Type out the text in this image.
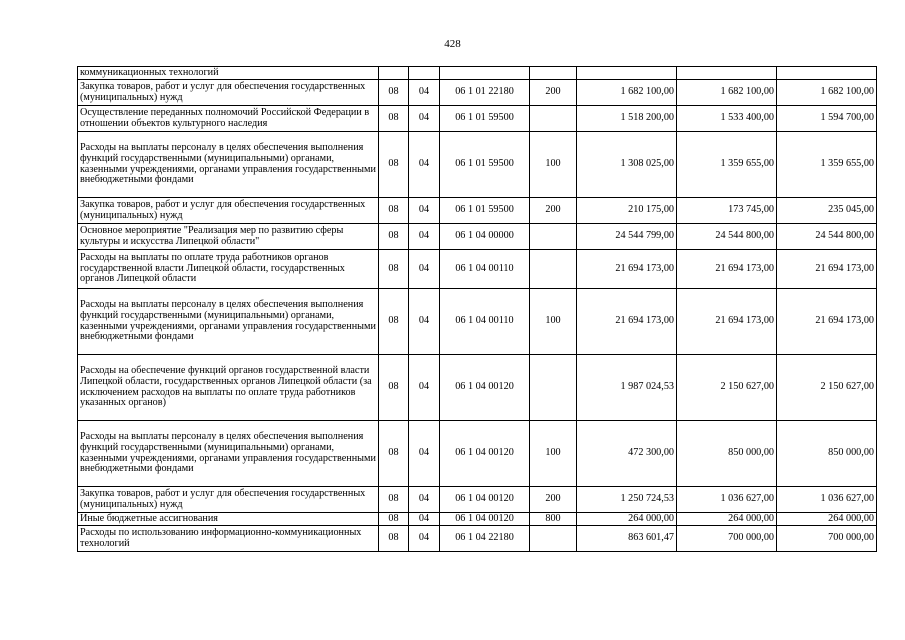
428
коммуникационных технологий							
Закупка товаров, работ и услуг для обеспечения государственных (муниципальных) нужд	08	04	06 1 01 22180	200	1 682 100,00	1 682 100,00	1 682 100,00
Осуществление переданных полномочий Российской Федерации в отношении объектов культурного наследия	08	04	06 1 01 59500		1 518 200,00	1 533 400,00	1 594 700,00
Расходы на выплаты персоналу в целях обеспечения выполнения функций государственными (муниципальными) органами, казенными учреждениями, органами управления государственными внебюджетными фондами	08	04	06 1 01 59500	100	1 308 025,00	1 359 655,00	1 359 655,00
Закупка товаров, работ и услуг для обеспечения государственных (муниципальных) нужд	08	04	06 1 01 59500	200	210 175,00	173 745,00	235 045,00
Основное мероприятие "Реализация мер по развитию сферы культуры и искусства Липецкой области"	08	04	06 1 04 00000		24 544 799,00	24 544 800,00	24 544 800,00
Расходы на выплаты по оплате труда работников органов государственной власти Липецкой области, государственных органов Липецкой области	08	04	06 1 04 00110		21 694 173,00	21 694 173,00	21 694 173,00
Расходы на выплаты персоналу в целях обеспечения выполнения функций государственными (муниципальными) органами, казенными учреждениями, органами управления государственными внебюджетными фондами	08	04	06 1 04 00110	100	21 694 173,00	21 694 173,00	21 694 173,00
Расходы на обеспечение функций органов государственной власти Липецкой области, государственных органов Липецкой области (за исключением расходов на выплаты по оплате труда работников указанных органов)	08	04	06 1 04 00120		1 987 024,53	2 150 627,00	2 150 627,00
Расходы на выплаты персоналу в целях обеспечения выполнения функций государственными (муниципальными) органами, казенными учреждениями, органами управления государственными внебюджетными фондами	08	04	06 1 04 00120	100	472 300,00	850 000,00	850 000,00
Закупка товаров, работ и услуг для обеспечения государственных (муниципальных) нужд	08	04	06 1 04 00120	200	1 250 724,53	1 036 627,00	1 036 627,00
Иные бюджетные ассигнования	08	04	06 1 04 00120	800	264 000,00	264 000,00	264 000,00
Расходы по использованию информационно-коммуникационных технологий	08	04	06 1 04 22180		863 601,47	700 000,00	700 000,00
